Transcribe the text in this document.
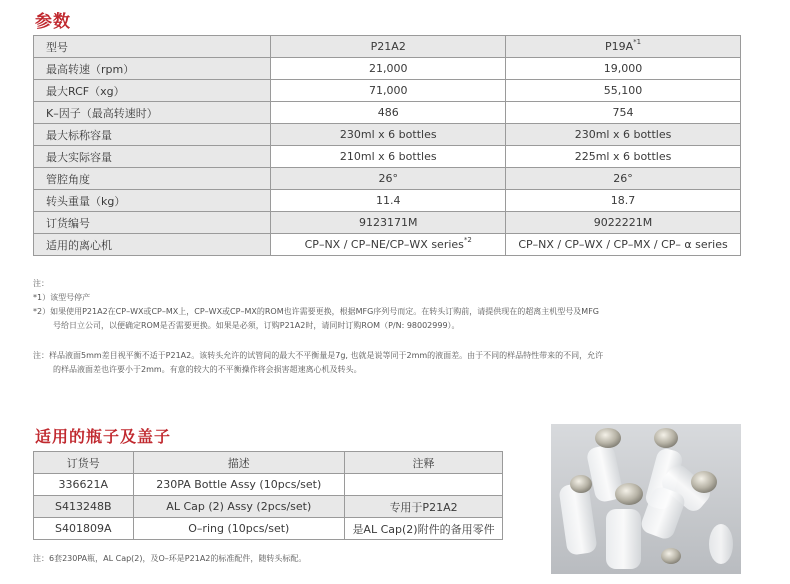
参数
型号	P21A2	$P19A^{*1}$
最高转速（rpm）	21,000	19,000
最大RCF（xg）	71,000	55,100
K–因子（最高转速时）	486	754
最大标称容量	230ml x 6 bottles	230ml x 6 bottles
最大实际容量	210ml x 6 bottles	225ml x 6 bottles
管腔角度	26°	26°
转头重量（kg）	11.4	18.7
订货编号	9123171M	9022221M
适用的离心机	CP–NX / CP–NE/CP–WX series$^{*2}$	CP–NX / CP–WX / CP–MX / CP– α series
注：
*1）该型号停产
*2）如果使用P21A2在CP–WX或CP–MX上，CP–WX或CP–MX的ROM也许需要更换，根据MFG序列号而定。在转头订购前，请提供现在的超离主机型号及MFG
号给日立公司，以便确定ROM是否需要更换。如果是必须，订购P21A2时，请同时订购ROM（P/N: 98002999）。
注：样品液面5mm差目视平衡不适于P21A2。该转头允许的试管间的最大不平衡量是7g, 也就是说等同于2mm的液面差。由于不同的样品特性带来的不同，允许
的样品液面差也许要小于2mm。有意的较大的不平衡操作将会损害超速离心机及转头。
适用的瓶子及盖子
订货号	描述	注释
336621A	230PA Bottle Assy (10pcs/set)	
S413248B	AL Cap (2) Assy (2pcs/set)	专用于P21A2
S401809A	O–ring (10pcs/set)	是AL Cap(2)附件的备用零件
注：6套230PA瓶，AL Cap(2)，及O–环是P21A2的标准配件，随转头标配。
